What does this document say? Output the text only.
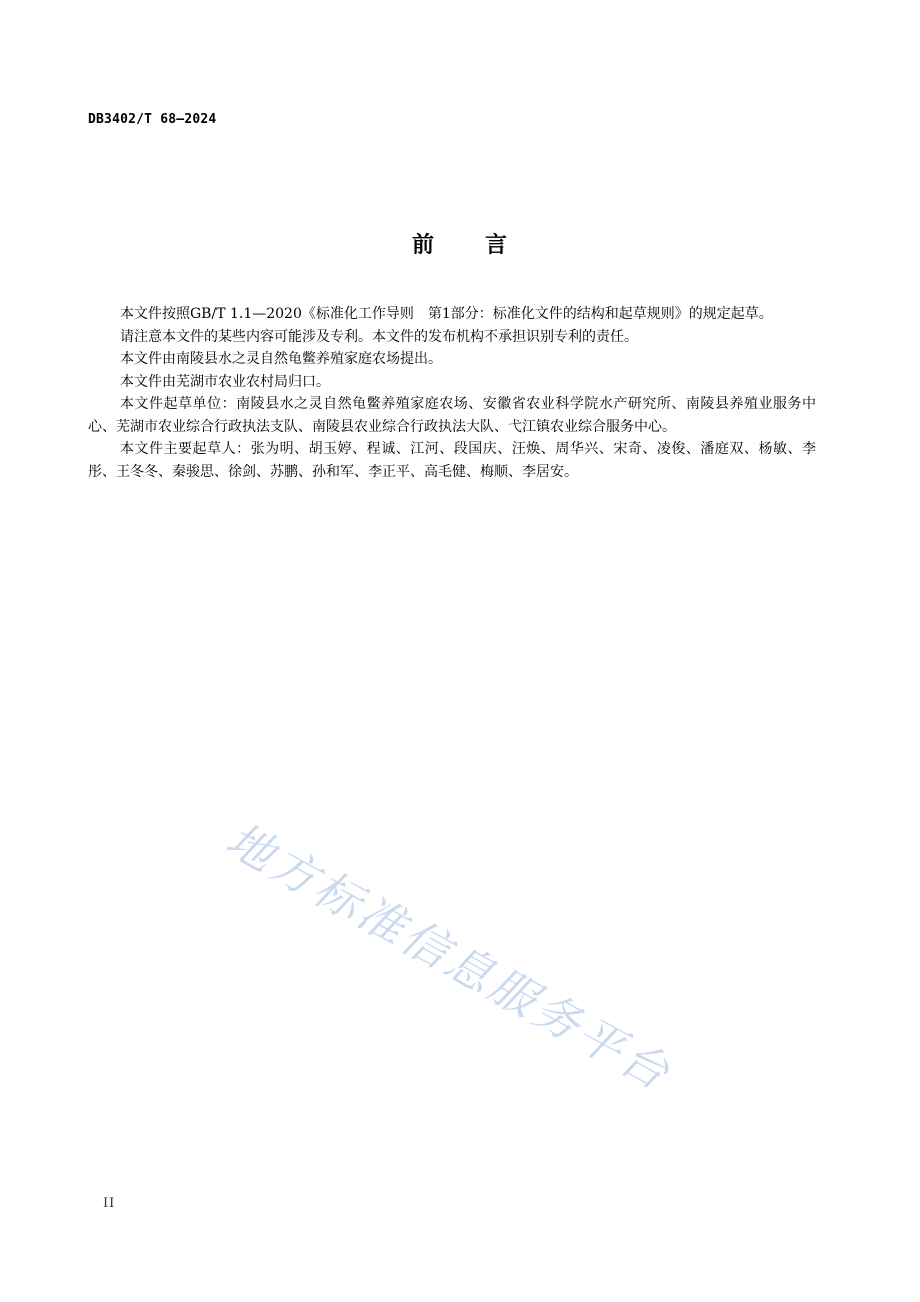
DB3402/T 68—2024
前 言

本文件按照GB/T 1.1—2020《标准化工作导则　第1部分：标准化文件的结构和起草规则》的规定起草。

请注意本文件的某些内容可能涉及专利。本文件的发布机构不承担识别专利的责任。

本文件由南陵县水之灵自然龟鳖养殖家庭农场提出。

本文件由芜湖市农业农村局归口。

本文件起草单位：南陵县水之灵自然龟鳖养殖家庭农场、安徽省农业科学院水产研究所、南陵县养殖业服务中心、芜湖市农业综合行政执法支队、南陵县农业综合行政执法大队、弋江镇农业综合服务中心。

本文件主要起草人：张为明、胡玉婷、程诚、江河、段国庆、汪焕、周华兴、宋奇、凌俊、潘庭双、杨敏、李彤、王冬冬、秦骏思、徐剑、苏鹏、孙和军、李正平、高毛健、梅顺、李居安。

地方标准信息服务平台
II
